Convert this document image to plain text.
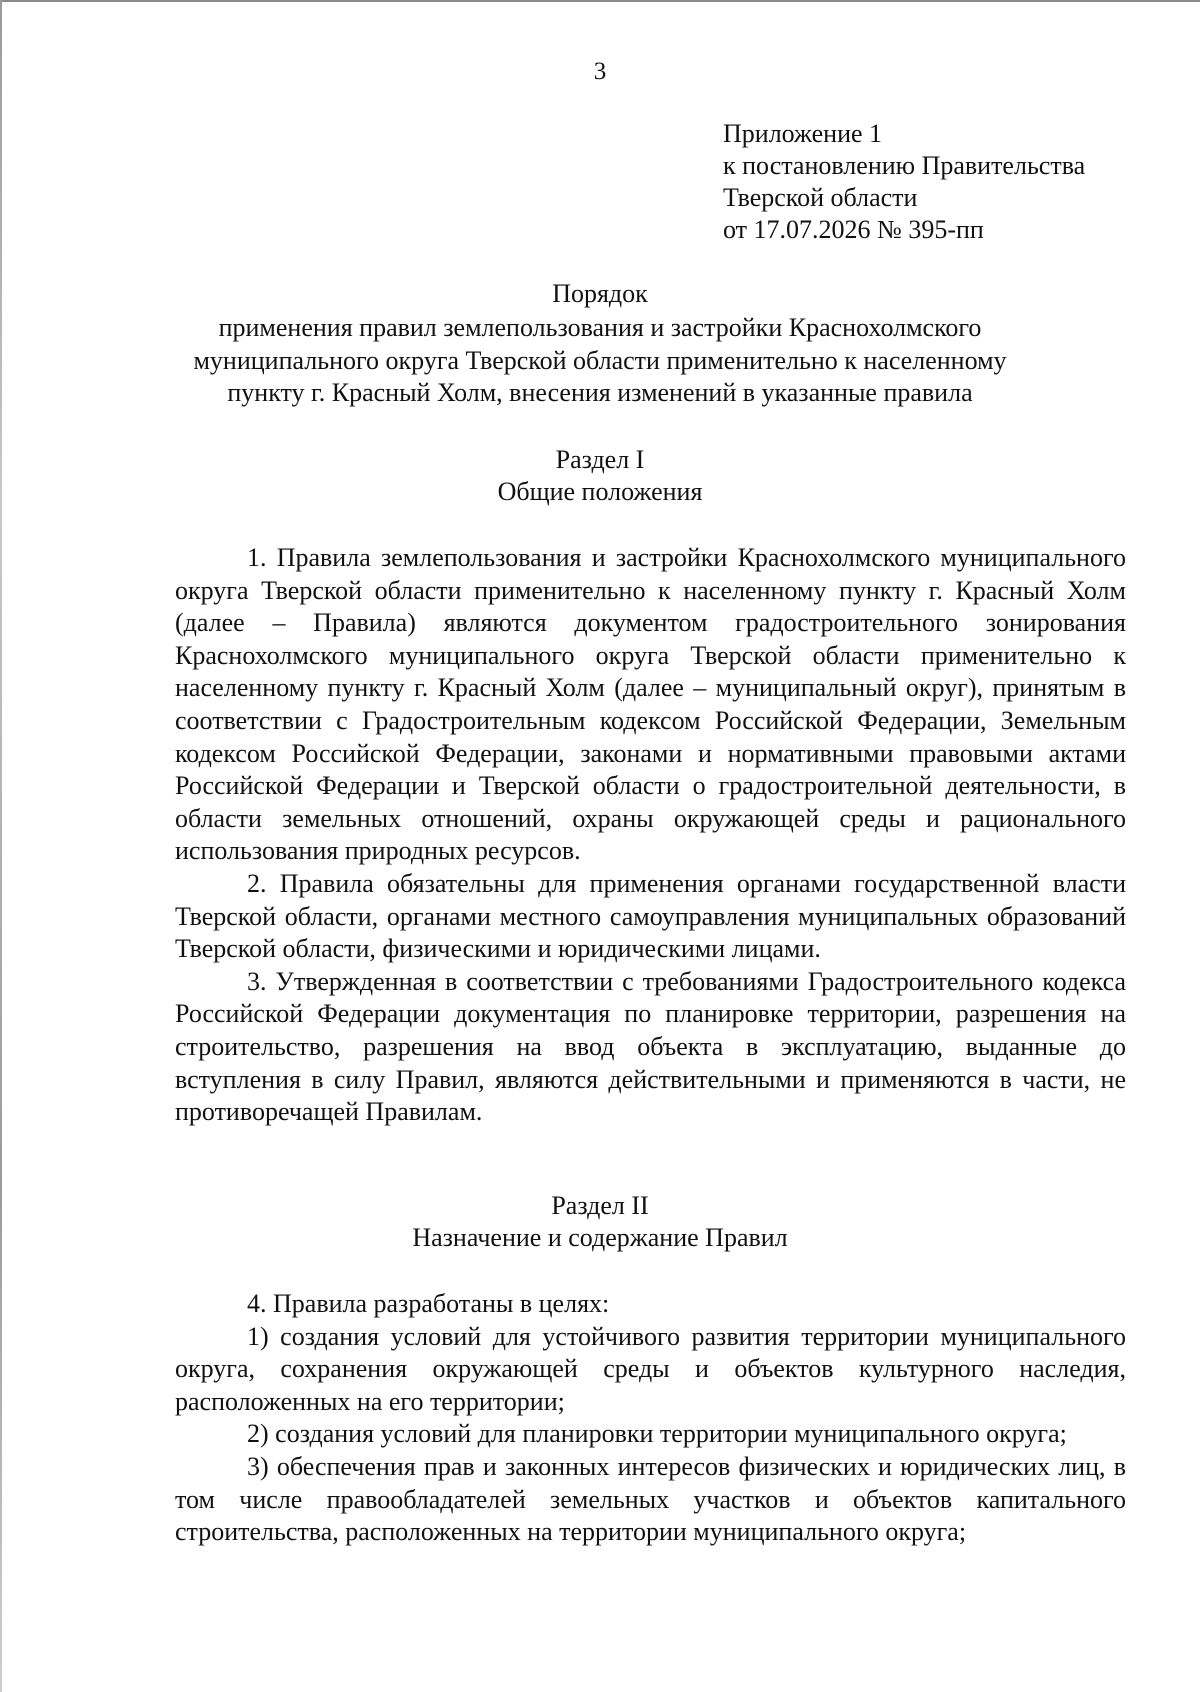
3
Приложение 1
к постановлению Правительства
Тверской области
от 17.07.2026 № 395-пп
Порядок
применения правил землепользования и застройки Краснохолмского муниципального округа Тверской области применительно к населенному пункту г. Красный Холм, внесения изменений в указанные правила
Раздел I
Общие положения

1. Правила землепользования и застройки Краснохолмского муниципального округа Тверской области применительно к населенному пункту г. Красный Холм (далее – Правила) являются документом градостроительного зонирования Краснохолмского муниципального округа Тверской области применительно к населенному пункту г. Красный Холм (далее – муниципальный округ), принятым в соответствии с Градостроительным кодексом Российской Федерации, Земельным кодексом Российской Федерации, законами и нормативными правовыми актами Российской Федерации и Тверской области о градостроительной деятельности, в области земельных отношений, охраны окружающей среды и рационального использования природных ресурсов.

2. Правила обязательны для применения органами государственной власти Тверской области, органами местного самоуправления муниципальных образований Тверской области, физическими и юридическими лицами.

3. Утвержденная в соответствии с требованиями Градостроительного кодекса Российской Федерации документация по планировке территории, разрешения на строительство, разрешения на ввод объекта в эксплуатацию, выданные до вступления в силу Правил, являются действительными и применяются в части, не противоречащей Правилам.

Раздел II
Назначение и содержание Правил

4. Правила разработаны в целях:

1) создания условий для устойчивого развития территории муниципального округа, сохранения окружающей среды и объектов культурного наследия, расположенных на его территории;

2) создания условий для планировки территории муниципального округа;

3) обеспечения прав и законных интересов физических и юридических лиц, в том числе правообладателей земельных участков и объектов капитального строительства, расположенных на территории муниципального округа;
